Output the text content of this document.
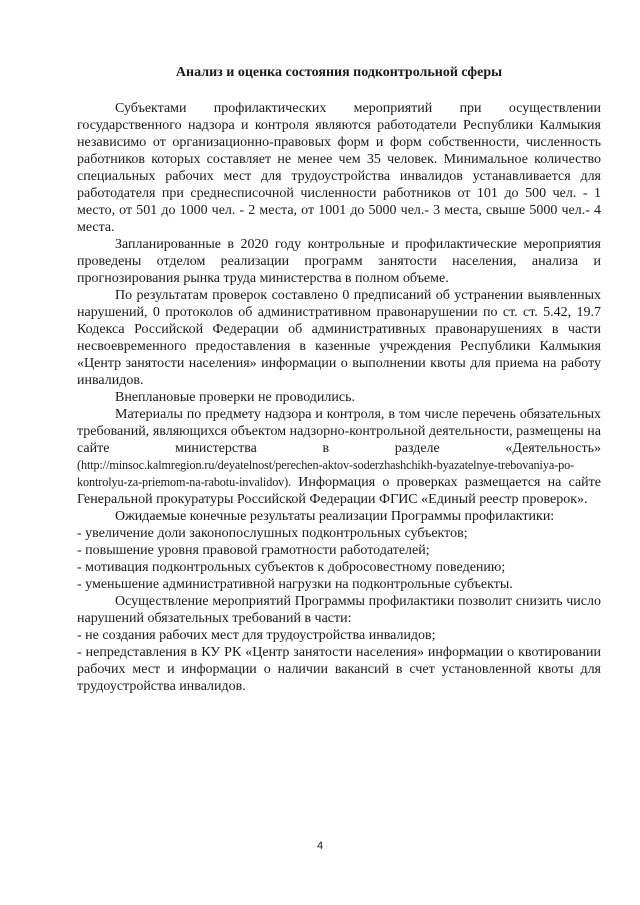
Анализ и оценка состояния подконтрольной сферы

Субъектами профилактических мероприятий при осуществлении государственного надзора и контроля являются работодатели Республики Калмыкия независимо от организационно-правовых форм и форм собственности, численность работников которых составляет не менее чем 35 человек. Минимальное количество специальных рабочих мест для трудоустройства инвалидов устанавливается для работодателя при среднесписочной численности работников от 101 до 500 чел. - 1 место, от 501 до 1000 чел. - 2 места, от 1001 до 5000 чел.- 3 места, свыше 5000 чел.- 4 места.

Запланированные в 2020 году контрольные и профилактические мероприятия проведены отделом реализации программ занятости населения, анализа и прогнозирования рынка труда министерства в полном объеме.

По результатам проверок составлено 0 предписаний об устранении выявленных нарушений, 0 протоколов об административном правонарушении по ст. ст. 5.42, 19.7 Кодекса Российской Федерации об административных правонарушениях в части несвоевременного предоставления в казенные учреждения Республики Калмыкия «Центр занятости населения» информации о выполнении квоты для приема на работу инвалидов.

Внеплановые проверки не проводились.

Материалы по предмету надзора и контроля, в том числе перечень обязательных требований, являющихся объектом надзорно-контрольной деятельности, размещены на сайте министерства в разделе «Деятельность» (http://minsoc.kalmregion.ru/deyatelnost/perechen-aktov-soderzhashchikh-byazatelnye-trebovaniya-po-kontrolyu-za-priemom-na-rabotu-invalidov). Информация о проверках размещается на сайте Генеральной прокуратуры Российской Федерации ФГИС «Единый реестр проверок».

Ожидаемые конечные результаты реализации Программы профилактики:

- увеличение доли законопослушных подконтрольных субъектов;

- повышение уровня правовой грамотности работодателей;

- мотивация подконтрольных субъектов к добросовестному поведению;

- уменьшение административной нагрузки на подконтрольные субъекты.

Осуществление мероприятий Программы профилактики позволит снизить число нарушений обязательных требований в части:

- не создания рабочих мест для трудоустройства инвалидов;

- непредставления в КУ РК «Центр занятости населения» информации о квотировании рабочих мест и информации о наличии вакансий в счет установленной квоты для трудоустройства инвалидов.

4
